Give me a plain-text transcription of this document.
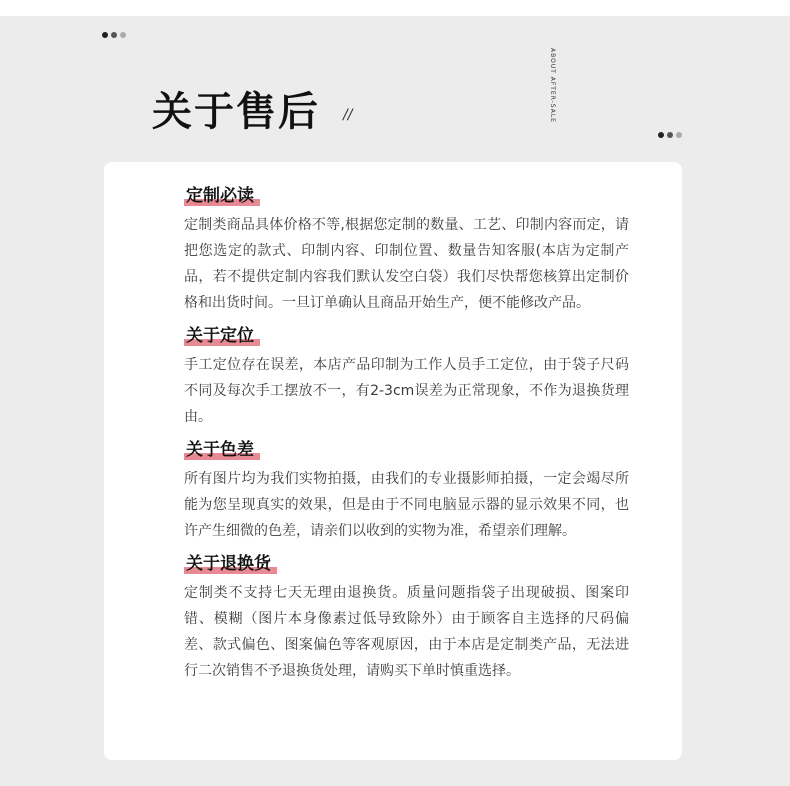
关于售后 //	ABOUT AFTER-SALE
定制必读

定制类商品具体价格不等,根据您定制的数量、工艺、印制内容而定，请把您选定的款式、印制内容、印制位置、数量告知客服(本店为定制产品，若不提供定制内容我们默认发空白袋）我们尽快帮您核算出定制价格和出货时间。一旦订单确认且商品开始生产，便不能修改产品。

关于定位

手工定位存在误差，本店产品印制为工作人员手工定位，由于袋子尺码不同及每次手工摆放不一，有2-3cm误差为正常现象，不作为退换货理由。

关于色差

所有图片均为我们实物拍摄，由我们的专业摄影师拍摄，一定会竭尽所能为您呈现真实的效果，但是由于不同电脑显示器的显示效果不同，也许产生细微的色差，请亲们以收到的实物为准，希望亲们理解。

关于退换货

定制类不支持七天无理由退换货。质量问题指袋子出现破损、图案印错、模糊（图片本身像素过低导致除外）由于顾客自主选择的尺码偏差、款式偏色、图案偏色等客观原因，由于本店是定制类产品，无法进行二次销售不予退换货处理，请购买下单时慎重选择。
